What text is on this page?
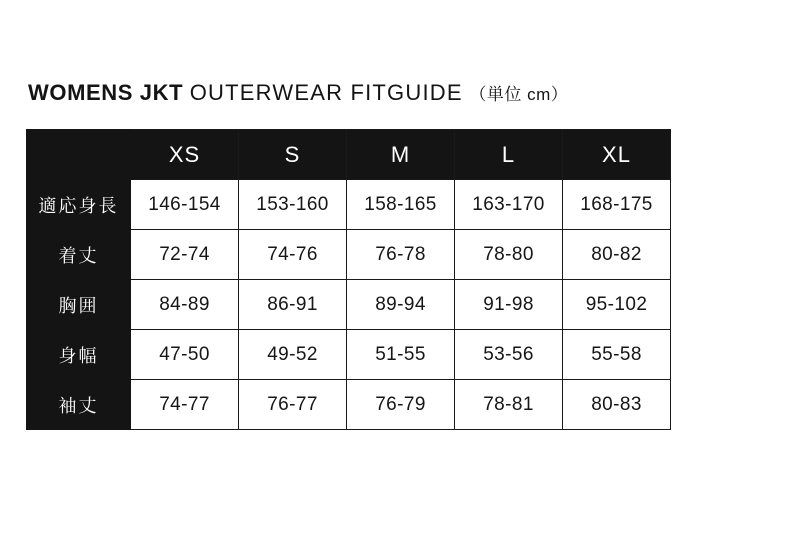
WOMENS JKT OUTERWEAR FITGUIDE （単位 cm）
	XS	S	M	L	XL
適応身長	146-154	153-160	158-165	163-170	168-175
着丈	72-74	74-76	76-78	78-80	80-82
胸囲	84-89	86-91	89-94	91-98	95-102
身幅	47-50	49-52	51-55	53-56	55-58
袖丈	74-77	76-77	76-79	78-81	80-83
